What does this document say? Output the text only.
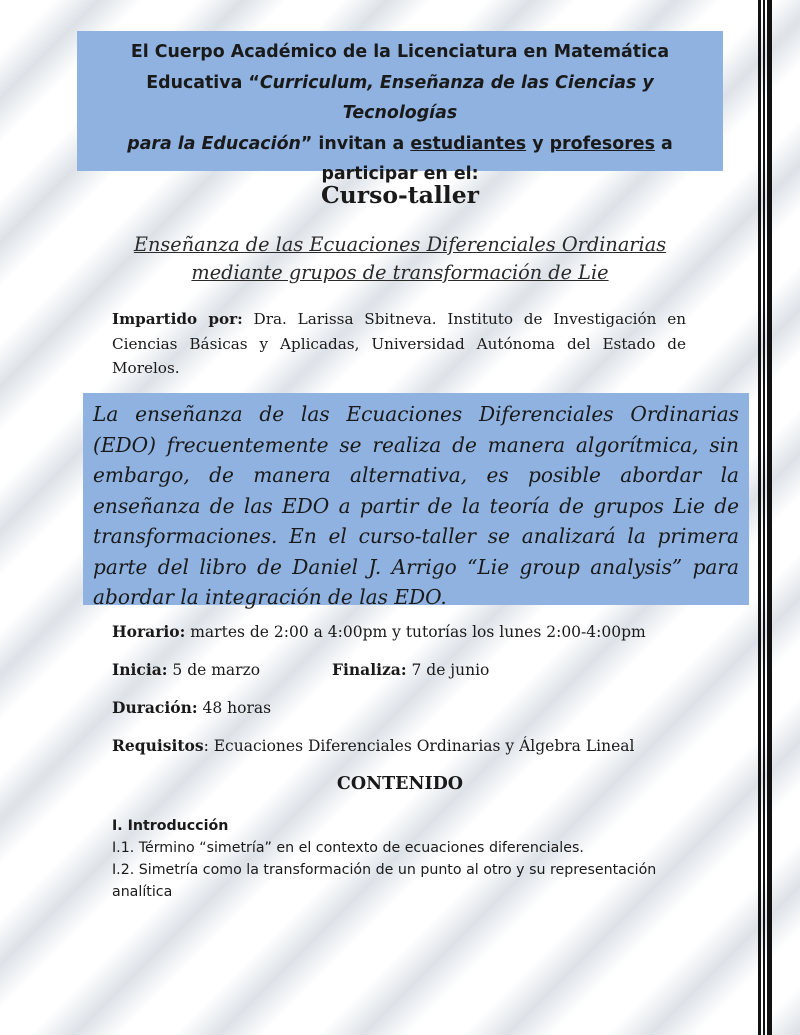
El Cuerpo Académico de la Licenciatura en Matemática
Educativa “Curriculum, Enseñanza de las Ciencias y Tecnologías
para la Educación” invitan a estudiantes y profesores a
participar en el:
Curso-taller
Enseñanza de las Ecuaciones Diferenciales Ordinarias
mediante grupos de transformación de Lie
Impartido por: Dra. Larissa Sbitneva. Instituto de Investigación en Ciencias Básicas y Aplicadas, Universidad Autónoma del Estado de Morelos.
La enseñanza de las Ecuaciones Diferenciales Ordinarias (EDO) frecuentemente se realiza de manera algorítmica, sin embargo, de manera alternativa, es posible abordar la enseñanza de las EDO a partir de la teoría de grupos Lie de transformaciones. En el curso-taller se analizará la primera parte del libro de Daniel J. Arrigo “Lie group analysis” para abordar la integración de las EDO.
Horario: martes de 2:00 a 4:00pm y tutorías los lunes 2:00-4:00pm
Inicia: 5 de marzo	Finaliza: 7 de junio
Duración: 48 horas
Requisitos: Ecuaciones Diferenciales Ordinarias y Álgebra Lineal
CONTENIDO
I. Introducción
I.1. Término “simetría” en el contexto de ecuaciones diferenciales.
I.2. Simetría como la transformación de un punto al otro y su representación analítica
